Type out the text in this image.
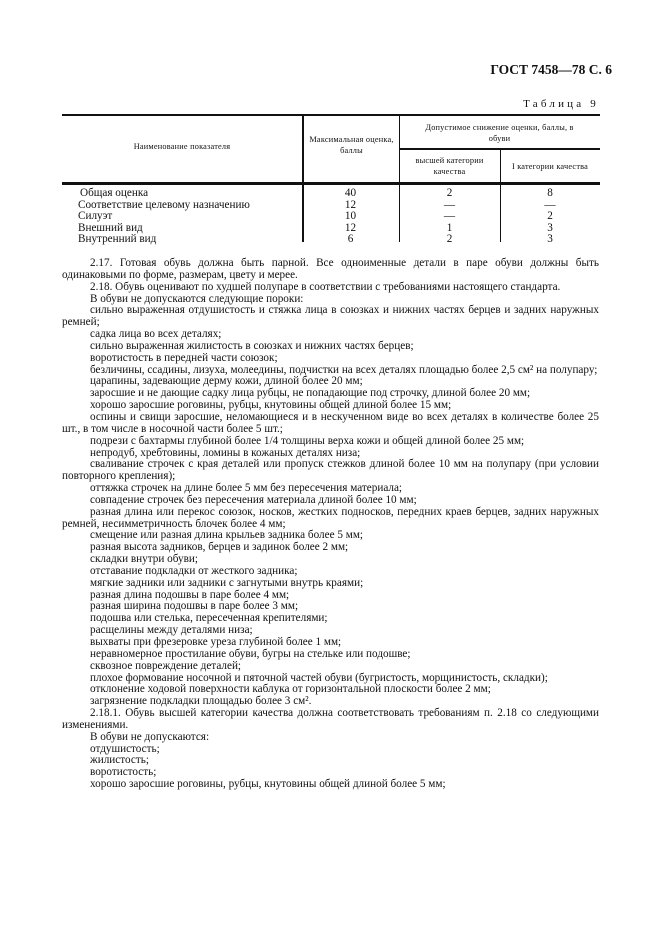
ГОСТ 7458—78 С. 6
Таблица 9
Наименование показателя
Максимальная оценка, баллы
Допустимое снижение оценки, баллы, в обуви
высшей категории качества
I категории качества
Общая оценка	40	2	8
Соответствие целевому назначению	12	—	—
Силуэт	10	—	2
Внешний вид	12	1	3
Внутренний вид	6	2	3

2.17. Готовая обувь должна быть парной. Все одноименные детали в паре обуви должны быть одинаковыми по форме, размерам, цвету и мерее.

2.18. Обувь оценивают по худшей полупаре в соответствии с требованиями настоящего стандарта.

В обуви не допускаются следующие пороки:

сильно выраженная отдушистость и стяжка лица в союзках и нижних частях берцев и задних наружных ремней;

садка лица во всех деталях;

сильно выраженная жилистость в союзках и нижних частях берцев;

воротистость в передней части союзок;

безличины, ссадины, лизуха, молеедины, подчистки на всех деталях площадью более 2,5 см² на полупару;

царапины, задевающие дерму кожи, длиной более 20 мм;

заросшие и не дающие садку лица рубцы, не попадающие под строчку, длиной более 20 мм;

хорошо заросшие роговины, рубцы, кнутовины общей длиной более 15 мм;

оспины и свищи заросшие, неломающиеся и в нескученном виде во всех деталях в количестве более 25 шт., в том числе в носочной части более 5 шт.;

подрези с бахтармы глубиной более 1/4 толщины верха кожи и общей длиной более 25 мм;

непродуб, хребтовины, ломины в кожаных деталях низа;

сваливание строчек с края деталей или пропуск стежков длиной более 10 мм на полупару (при условии повторного крепления);

оттяжка строчек на длине более 5 мм без пересечения материала;

совпадение строчек без пересечения материала длиной более 10 мм;

разная длина или перекос союзок, носков, жестких подносков, передних краев берцев, задних наружных ремней, несимметричность блочек более 4 мм;

смещение или разная длина крыльев задника более 5 мм;

разная высота задников, берцев и задинок более 2 мм;

складки внутри обуви;

отставание подкладки от жесткого задника;

мягкие задники или задники с загнутыми внутрь краями;

разная длина подошвы в паре более 4 мм;

разная ширина подошвы в паре более 3 мм;

подошва или стелька, пересеченная крепителями;

расщелины между деталями низа;

выхваты при фрезеровке уреза глубиной более 1 мм;

неравномерное простилание обуви, бугры на стельке или подошве;

сквозное повреждение деталей;

плохое формование носочной и пяточной частей обуви (бугристость, морщинистость, складки);

отклонение ходовой поверхности каблука от горизонтальной плоскости более 2 мм;

загрязнение подкладки площадью более 3 см².

2.18.1. Обувь высшей категории качества должна соответствовать требованиям п. 2.18 со следующими изменениями.

В обуви не допускаются:

отдушистость;

жилистость;

воротистость;

хорошо заросшие роговины, рубцы, кнутовины общей длиной более 5 мм;
